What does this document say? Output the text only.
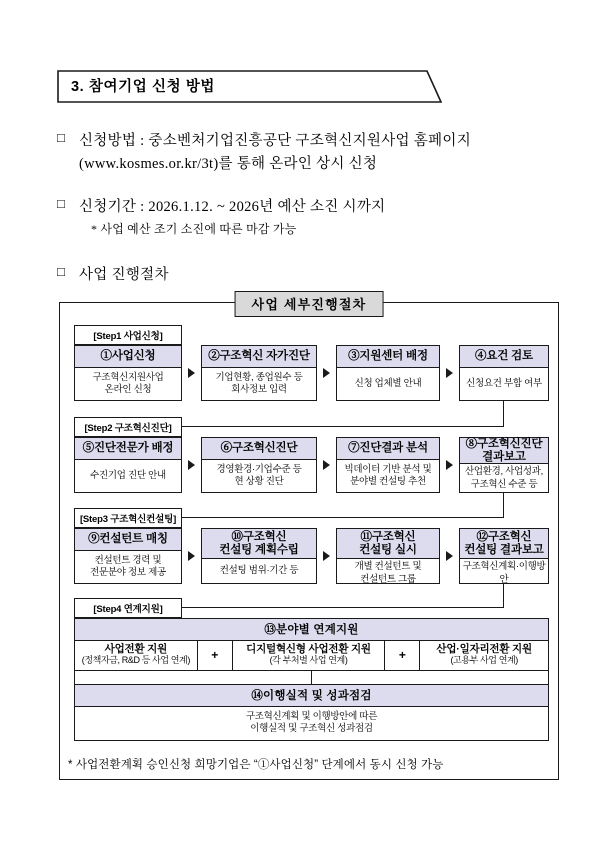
3. 참여기업 신청 방법
□ 신청방법 : 중소벤처기업진흥공단 구조혁신지원사업 홈페이지
(www.kosmes.or.kr/3t)를 통해 온라인 상시 신청
□ 신청기간 : 2026.1.12. ~ 2026년 예산 소진 시까지
* 사업 예산 조기 소진에 따른 마감 가능
□ 사업 진행절차
사업 세부진행절차
[Step1 사업신청]
①사업신청
구조혁신지원사업
온라인 신청
②구조혁신 자가진단
기업현황, 종업원수 등
회사정보 입력
③지원센터 배정
신청 업체별 안내
④요건 검토
신청요건 부합 여부
[Step2 구조혁신진단]
⑤진단전문가 배정
수진기업 진단 안내
⑥구조혁신진단
경영환경·기업수준 등
현 상황 진단
⑦진단결과 분석
빅데이터 기반 분석 및
분야별 컨설팅 추천
⑧구조혁신진단
결과보고
산업환경, 사업성과,
구조혁신 수준 등
[Step3 구조혁신컨설팅]
⑨컨설턴트 매칭
컨설턴트 경력 및
전문분야 정보 제공
⑩구조혁신
컨설팅 계획수립
컨설팅 범위·기간 등
⑪구조혁신
컨설팅 실시
개별 컨설턴트 및
컨설턴트 그룹
⑫구조혁신
컨설팅 결과보고
구조혁신계획·이행방안
[Step4 연계지원]
⑬분야별 연계지원
사업전환 지원
(정책자금, R&D 등 사업 연계)	+	디지털혁신형 사업전환 지원
(각 부처별 사업 연계)	+	산업·일자리전환 지원
(고용부 사업 연계)
⑭이행실적 및 성과점검
구조혁신계획 및 이행방안에 따른
이행실적 및 구조혁신 성과점검
* 사업전환계획 승인신청 희망기업은 “①사업신청” 단계에서 동시 신청 가능
